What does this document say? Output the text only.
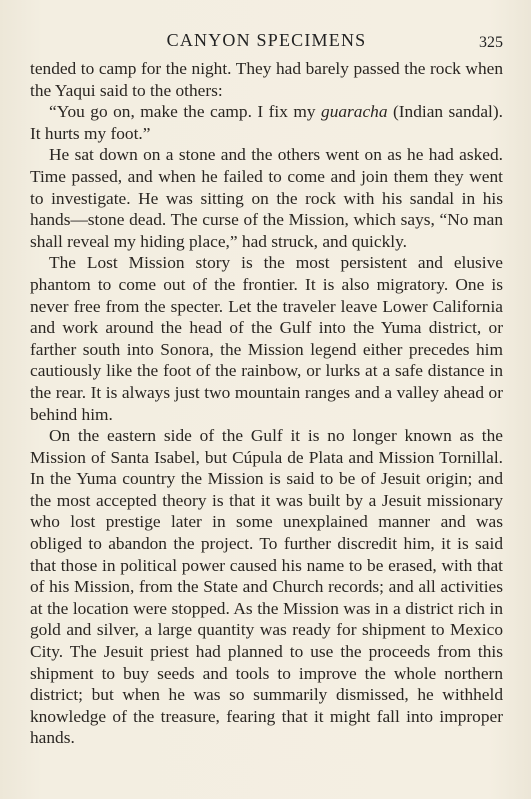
CANYON SPECIMENS	325

tended to camp for the night. They had barely passed the rock when the Yaqui said to the others:

“You go on, make the camp. I fix my guaracha (Indian sandal). It hurts my foot.”

He sat down on a stone and the others went on as he had asked. Time passed, and when he failed to come and join them they went to investigate. He was sitting on the rock with his sandal in his hands—stone dead. The curse of the Mission, which says, “No man shall reveal my hiding place,” had struck, and quickly.

The Lost Mission story is the most persistent and elusive phantom to come out of the frontier. It is also migratory. One is never free from the specter. Let the traveler leave Lower California and work around the head of the Gulf into the Yuma district, or farther south into Sonora, the Mission legend either precedes him cautiously like the foot of the rainbow, or lurks at a safe distance in the rear. It is always just two mountain ranges and a valley ahead or behind him.

On the eastern side of the Gulf it is no longer known as the Mission of Santa Isabel, but Cúpula de Plata and Mission Tornillal. In the Yuma country the Mission is said to be of Jesuit origin; and the most accepted theory is that it was built by a Jesuit missionary who lost prestige later in some unexplained manner and was obliged to abandon the project. To further discredit him, it is said that those in political power caused his name to be erased, with that of his Mission, from the State and Church records; and all activities at the location were stopped. As the Mission was in a district rich in gold and silver, a large quantity was ready for shipment to Mexico City. The Jesuit priest had planned to use the proceeds from this shipment to buy seeds and tools to improve the whole northern district; but when he was so summarily dismissed, he withheld knowledge of the treasure, fearing that it might fall into improper hands.
